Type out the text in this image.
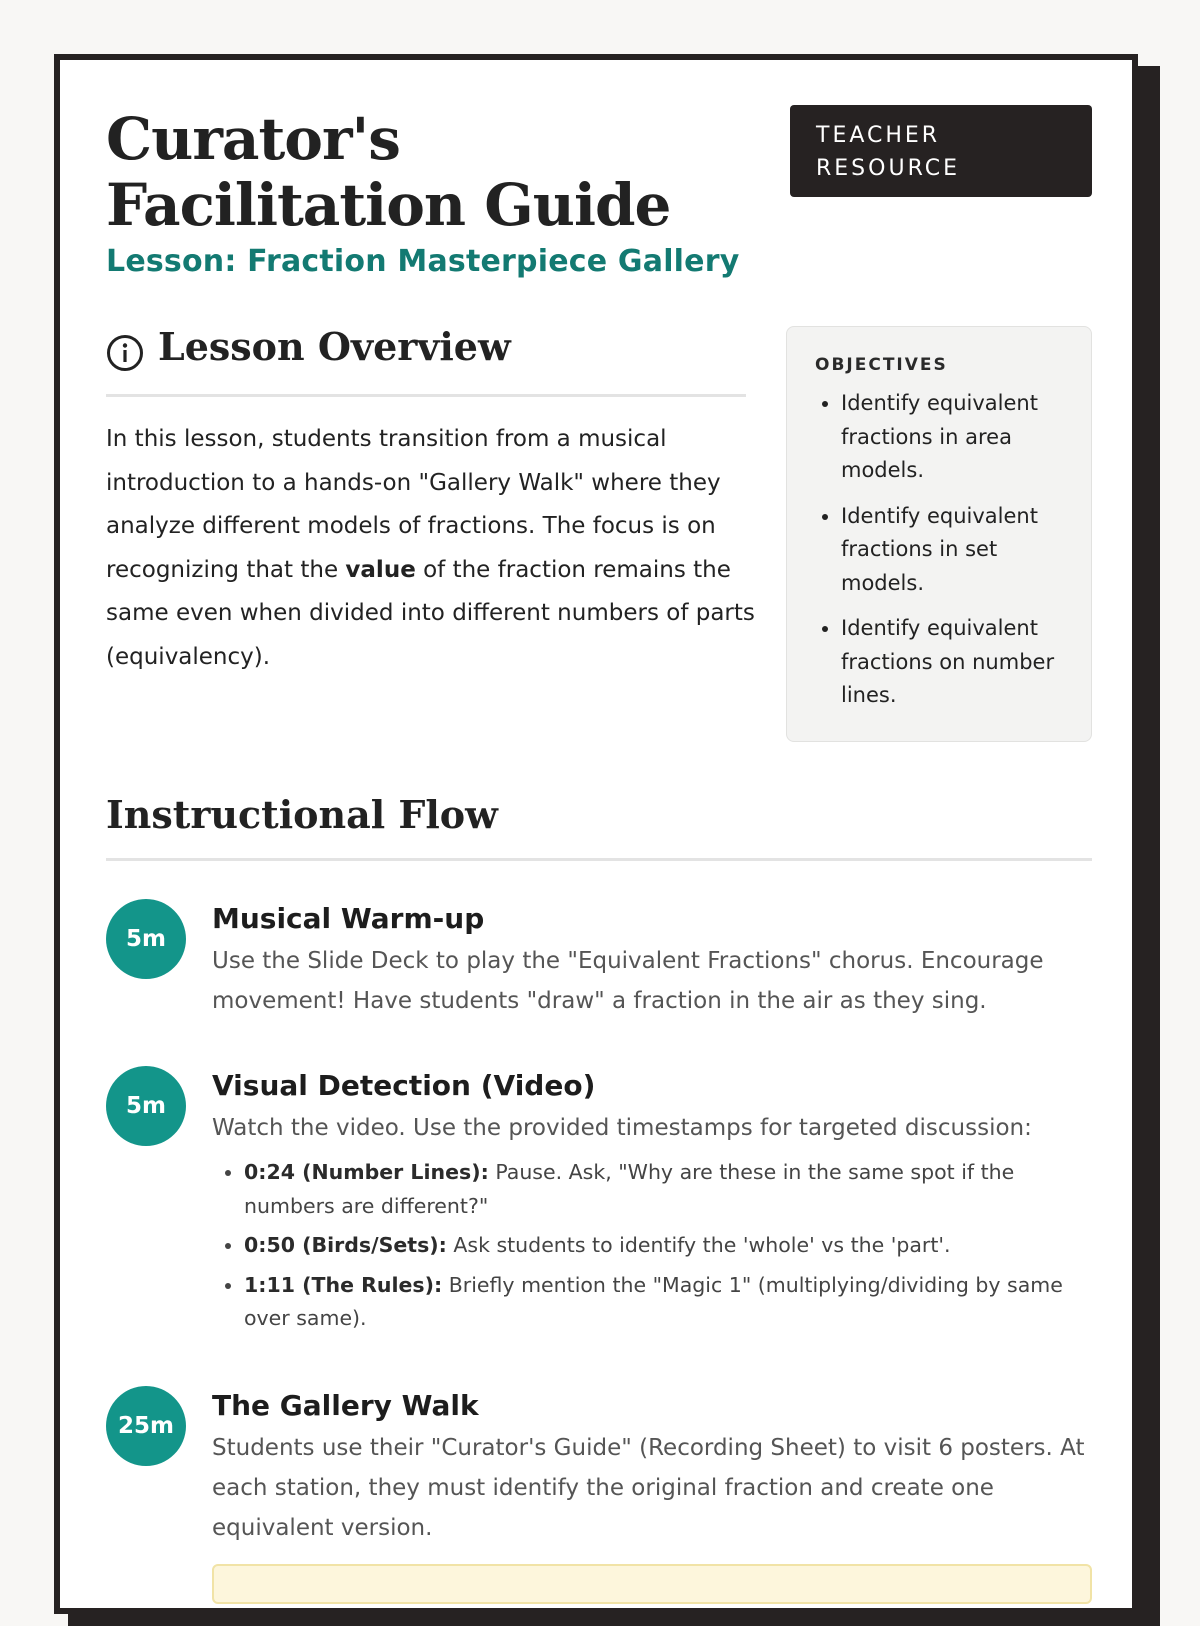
Curator's Facilitation Guide
Lesson: Fraction Masterpiece Gallery
TEACHER RESOURCE
Lesson Overview

In this lesson, students transition from a musical introduction to a hands-on "Gallery Walk" where they analyze different models of fractions. The focus is on recognizing that the value of the fraction remains the same even when divided into different numbers of parts (equivalency).

OBJECTIVES
• Identify equivalent fractions in area models.
• Identify equivalent fractions in set models.
• Identify equivalent fractions on number lines.
Instructional Flow
5m
Musical Warm-up
Use the Slide Deck to play the "Equivalent Fractions" chorus. Encourage movement! Have students "draw" a fraction in the air as they sing.
5m
Visual Detection (Video)
Watch the video. Use the provided timestamps for targeted discussion:
• 0:24 (Number Lines): Pause. Ask, "Why are these in the same spot if the numbers are different?"
• 0:50 (Birds/Sets): Ask students to identify the 'whole' vs the 'part'.
• 1:11 (The Rules): Briefly mention the "Magic 1" (multiplying/dividing by same over same).
25m
The Gallery Walk
Students use their "Curator's Guide" (Recording Sheet) to visit 6 posters. At each station, they must identify the original fraction and create one equivalent version.
